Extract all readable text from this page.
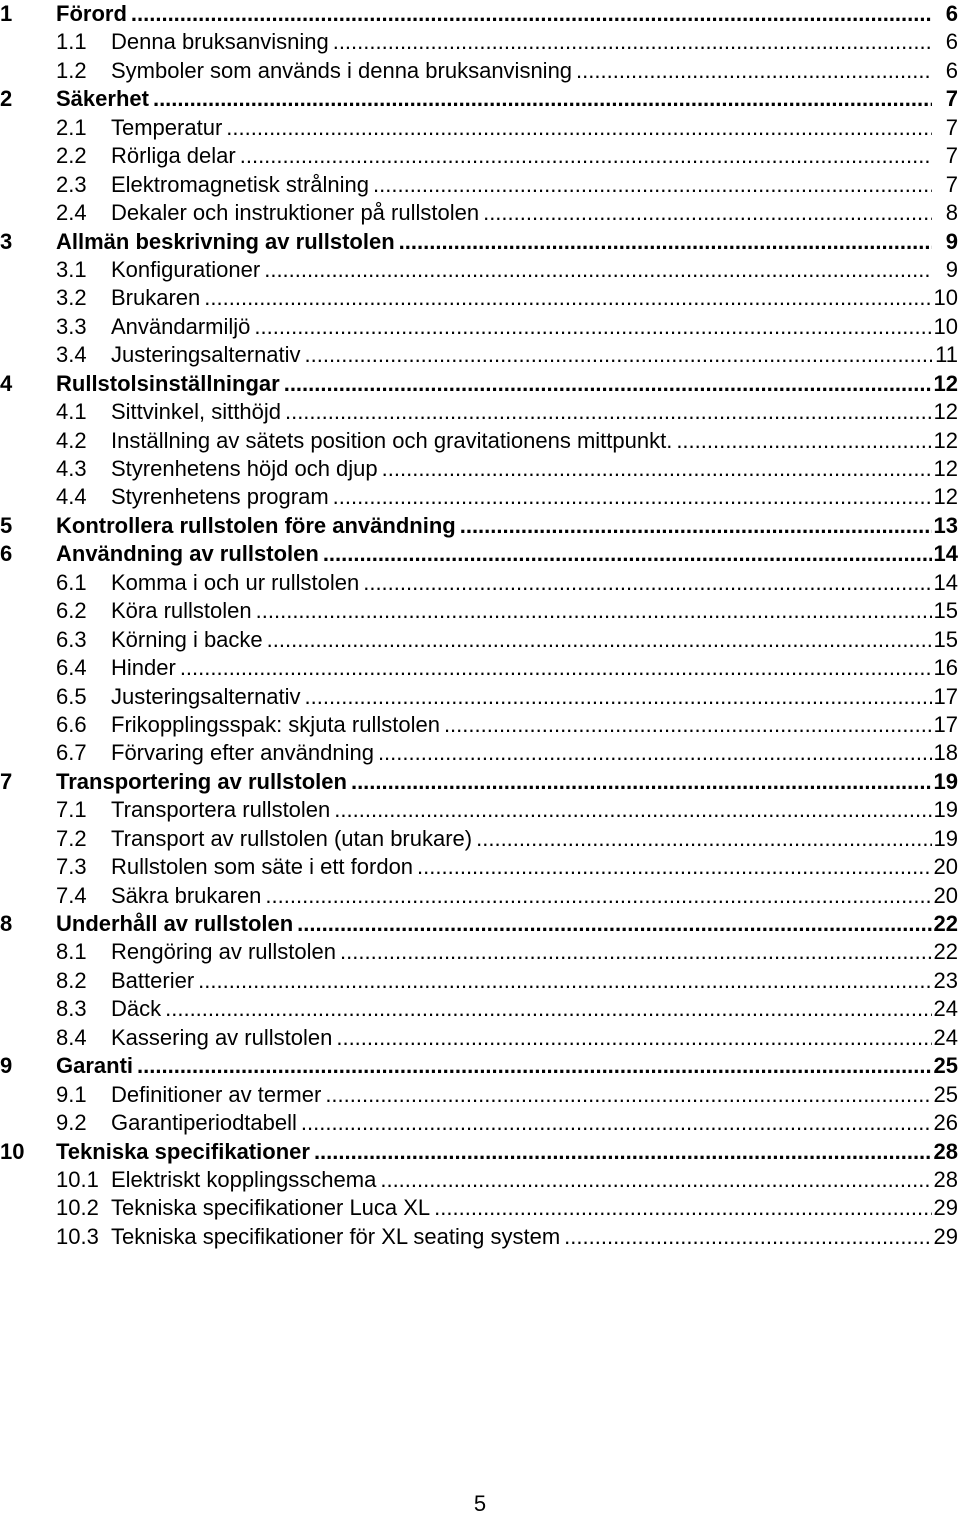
1 Förord .....	6
1.1 Denna bruksanvisning .....	6
1.2 Symboler som används i denna bruksanvisning .....	6
2 Säkerhet .....	7
2.1 Temperatur .....	7
2.2 Rörliga delar .....	7
2.3 Elektromagnetisk strålning .....	7
2.4 Dekaler och instruktioner på rullstolen .....	8
3 Allmän beskrivning av rullstolen .....	9
3.1 Konfigurationer .....	9
3.2 Brukaren .....	10
3.3 Användarmiljö .....	10
3.4 Justeringsalternativ .....	11
4 Rullstolsinställningar .....	12
4.1 Sittvinkel, sitthöjd .....	12
4.2 Inställning av sätets position och gravitationens mittpunkt. .....	12
4.3 Styrenhetens höjd och djup .....	12
4.4 Styrenhetens program .....	12
5 Kontrollera rullstolen före användning .....	13
6 Användning av rullstolen .....	14
6.1 Komma i och ur rullstolen .....	14
6.2 Köra rullstolen .....	15
6.3 Körning i backe .....	15
6.4 Hinder .....	16
6.5 Justeringsalternativ .....	17
6.6 Frikopplingsspak: skjuta rullstolen .....	17
6.7 Förvaring efter användning .....	18
7 Transportering av rullstolen .....	19
7.1 Transportera rullstolen .....	19
7.2 Transport av rullstolen (utan brukare) .....	19
7.3 Rullstolen som säte i ett fordon .....	20
7.4 Säkra brukaren .....	20
8 Underhåll av rullstolen .....	22
8.1 Rengöring av rullstolen .....	22
8.2 Batterier .....	23
8.3 Däck .....	24
8.4 Kassering av rullstolen .....	24
9 Garanti .....	25
9.1 Definitioner av termer .....	25
9.2 Garantiperiodtabell .....	26
10 Tekniska specifikationer .....	28
10.1 Elektriskt kopplingsschema .....	28
10.2 Tekniska specifikationer Luca XL .....	29
10.3 Tekniska specifikationer för XL seating system .....	29
5
